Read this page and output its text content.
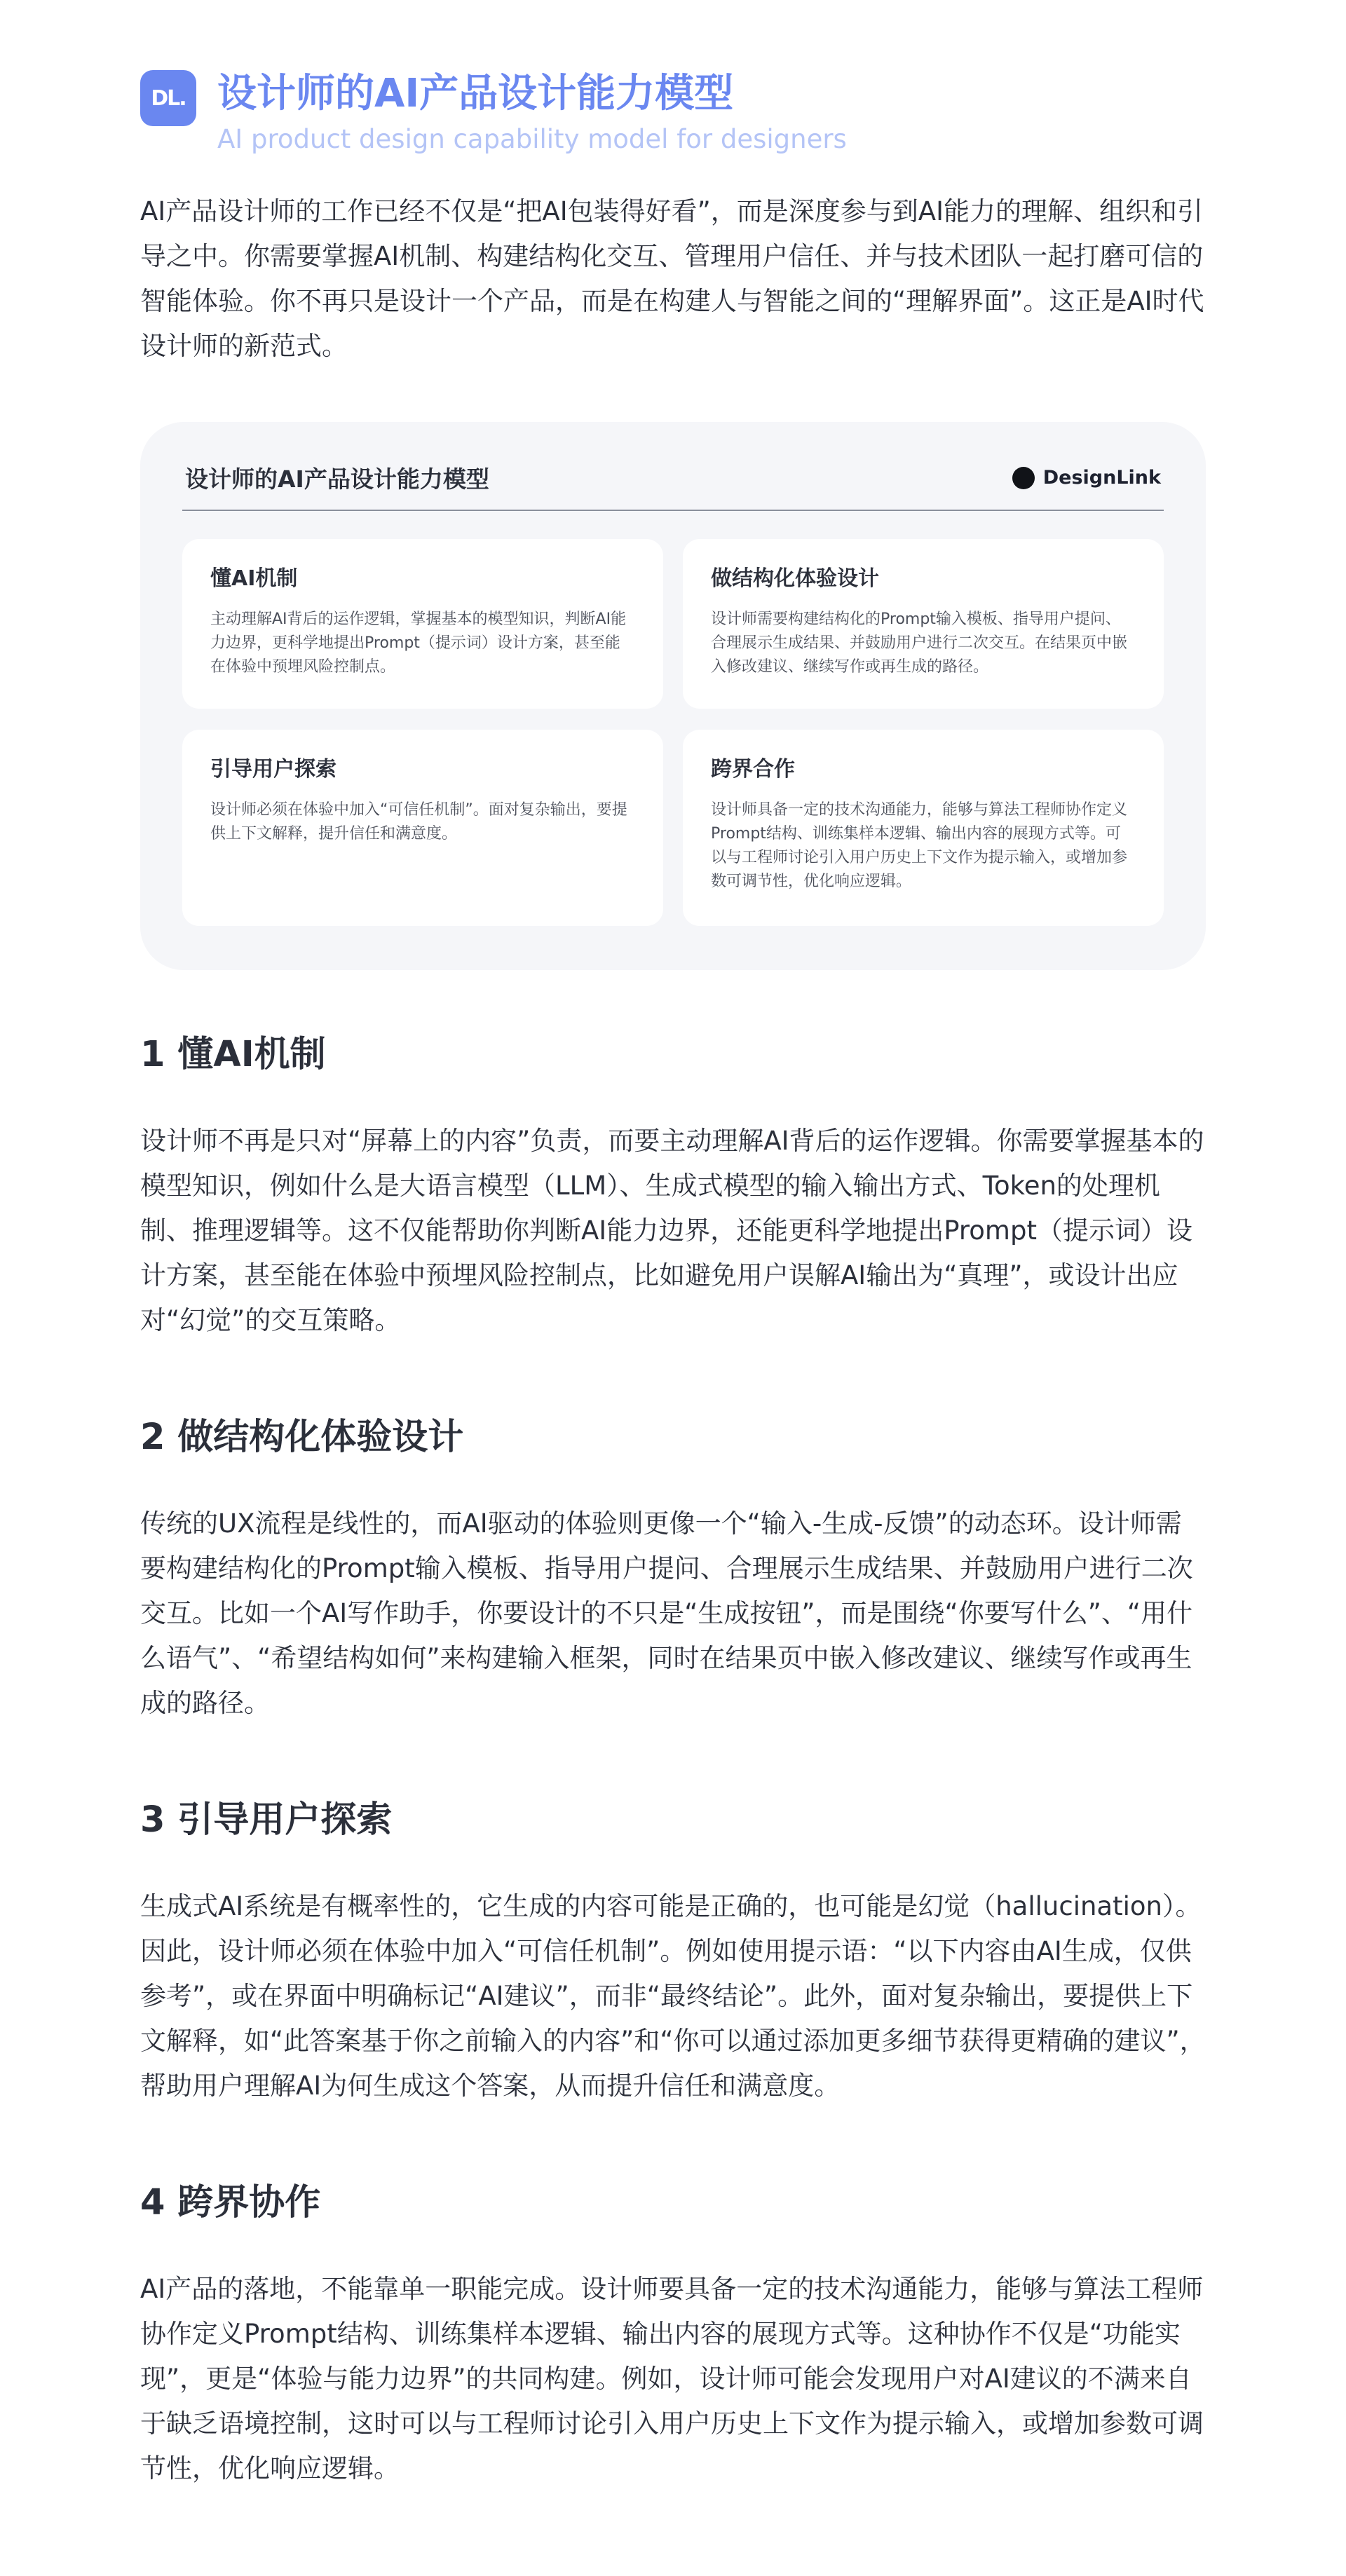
DL. 设计师的AI产品设计能力模型

AI product design capability model for designers

AI产品设计师的工作已经不仅是“把AI包装得好看”，而是深度参与到AI能力的理解、组织和引导之中。你需要掌握AI机制、构建结构化交互、管理用户信任、并与技术团队一起打磨可信的智能体验。你不再只是设计一个产品，而是在构建人与智能之间的“理解界面”。这正是AI时代设计师的新范式。

设计师的AI产品设计能力模型	DesignLink

懂AI机制

主动理解AI背后的运作逻辑，掌握基本的模型知识，判断AI能力边界，更科学地提出Prompt（提示词）设计方案，甚至能在体验中预埋风险控制点。

做结构化体验设计

设计师需要构建结构化的Prompt输入模板、指导用户提问、合理展示生成结果、并鼓励用户进行二次交互。在结果页中嵌入修改建议、继续写作或再生成的路径。

引导用户探索

设计师必须在体验中加入“可信任机制”。面对复杂输出，要提供上下文解释，提升信任和满意度。

跨界合作

设计师具备一定的技术沟通能力，能够与算法工程师协作定义Prompt结构、训练集样本逻辑、输出内容的展现方式等。可以与工程师讨论引入用户历史上下文作为提示输入，或增加参数可调节性，优化响应逻辑。

1 懂AI机制

设计师不再是只对“屏幕上的内容”负责，而要主动理解AI背后的运作逻辑。你需要掌握基本的模型知识，例如什么是大语言模型（LLM）、生成式模型的输入输出方式、Token的处理机制、推理逻辑等。这不仅能帮助你判断AI能力边界，还能更科学地提出Prompt（提示词）设计方案，甚至能在体验中预埋风险控制点，比如避免用户误解AI输出为“真理”，或设计出应对“幻觉”的交互策略。

2 做结构化体验设计

传统的UX流程是线性的，而AI驱动的体验则更像一个“输入-生成-反馈”的动态环。设计师需要构建结构化的Prompt输入模板、指导用户提问、合理展示生成结果、并鼓励用户进行二次交互。比如一个AI写作助手，你要设计的不只是“生成按钮”，而是围绕“你要写什么”、“用什么语气”、“希望结构如何”来构建输入框架，同时在结果页中嵌入修改建议、继续写作或再生成的路径。

3 引导用户探索

生成式AI系统是有概率性的，它生成的内容可能是正确的，也可能是幻觉（hallucination）。因此，设计师必须在体验中加入“可信任机制”。例如使用提示语：“以下内容由AI生成，仅供参考”，或在界面中明确标记“AI建议”，而非“最终结论”。此外，面对复杂输出，要提供上下文解释，如“此答案基于你之前输入的内容”和“你可以通过添加更多细节获得更精确的建议”，帮助用户理解AI为何生成这个答案，从而提升信任和满意度。

4 跨界协作

AI产品的落地，不能靠单一职能完成。设计师要具备一定的技术沟通能力，能够与算法工程师协作定义Prompt结构、训练集样本逻辑、输出内容的展现方式等。这种协作不仅是“功能实现”，更是“体验与能力边界”的共同构建。例如，设计师可能会发现用户对AI建议的不满来自于缺乏语境控制，这时可以与工程师讨论引入用户历史上下文作为提示输入，或增加参数可调节性，优化响应逻辑。
